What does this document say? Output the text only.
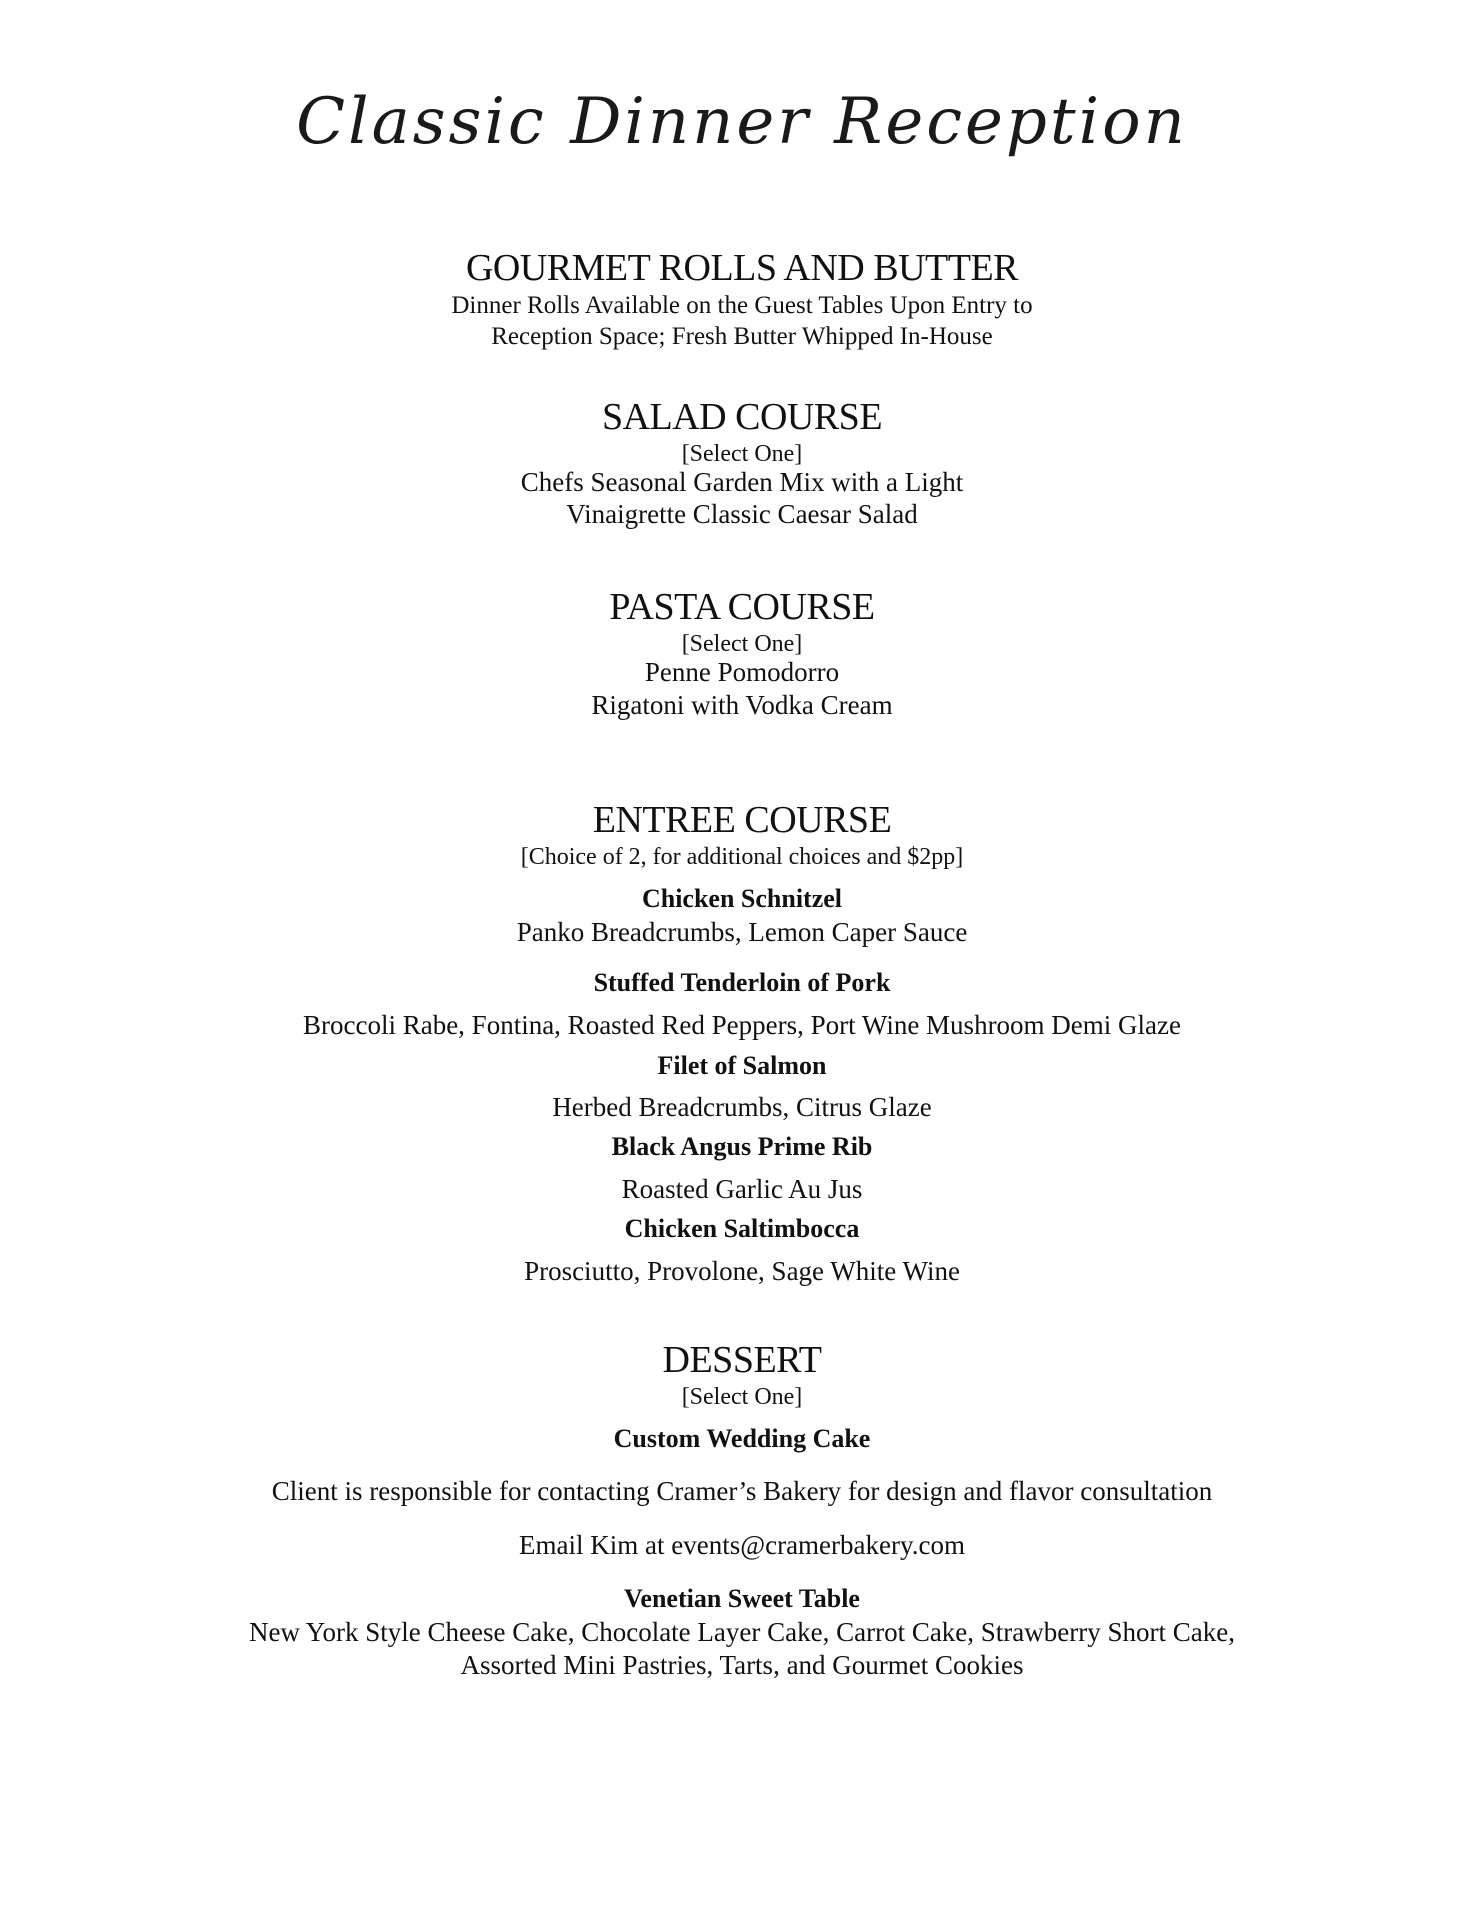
Classic Dinner Reception
GOURMET ROLLS AND BUTTER
Dinner Rolls Available on the Guest Tables Upon Entry to
Reception Space; Fresh Butter Whipped In-House
SALAD COURSE
[Select One]
Chefs Seasonal Garden Mix with a Light
Vinaigrette Classic Caesar Salad
PASTA COURSE
[Select One]
Penne Pomodorro
Rigatoni with Vodka Cream
ENTREE COURSE
[Choice of 2, for additional choices and $2pp]
Chicken Schnitzel
Panko Breadcrumbs, Lemon Caper Sauce
Stuffed Tenderloin of Pork
Broccoli Rabe, Fontina, Roasted Red Peppers, Port Wine Mushroom Demi Glaze
Filet of Salmon
Herbed Breadcrumbs, Citrus Glaze
Black Angus Prime Rib
Roasted Garlic Au Jus
Chicken Saltimbocca
Prosciutto, Provolone, Sage White Wine
DESSERT
[Select One]
Custom Wedding Cake
Client is responsible for contacting Cramer’s Bakery for design and flavor consultation
Email Kim at events@cramerbakery.com
Venetian Sweet Table
New York Style Cheese Cake, Chocolate Layer Cake, Carrot Cake, Strawberry Short Cake,
Assorted Mini Pastries, Tarts, and Gourmet Cookies
